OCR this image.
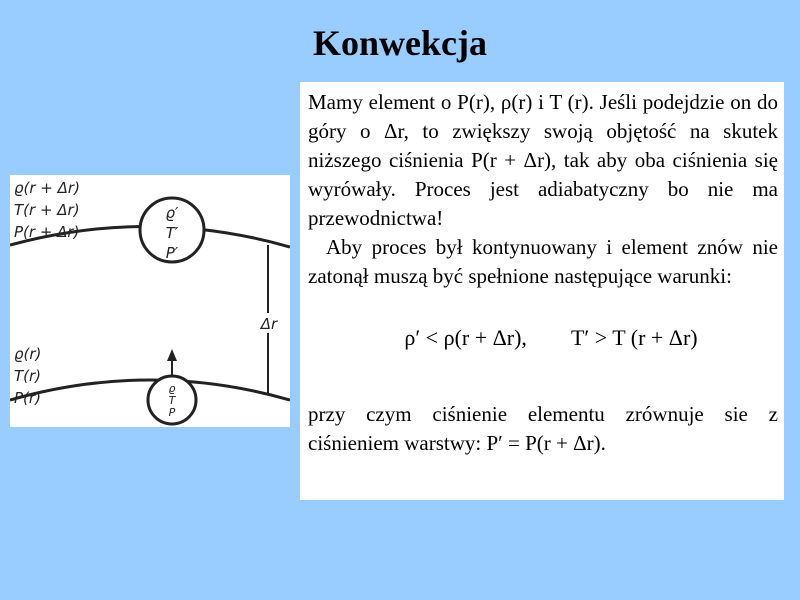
Konwekcja
ϱ(r + Δr)
T(r + Δr)
P(r + Δr)
ϱ(r)
T(r)
P(r)
ϱ′
T′
P′
ϱ
T
P
Δr

Mamy element o P(r), ρ(r) i T (r). Jeśli podejdzie on do góry o Δr, to zwiększy swoją objętość na skutek niższego ciśnienia P(r + Δr), tak aby oba ciśnienia się wyrówały. Proces jest adiabatyczny bo nie ma przewodnictwa!

Aby proces był kontynuowany i element znów nie zatonął muszą być spełnione następujące warunki:

ρ′ < ρ(r + Δr), T′ > T (r + Δr)

przy czym ciśnienie elementu zrównuje sie z ciśnieniem warstwy: P′ = P(r + Δr).
